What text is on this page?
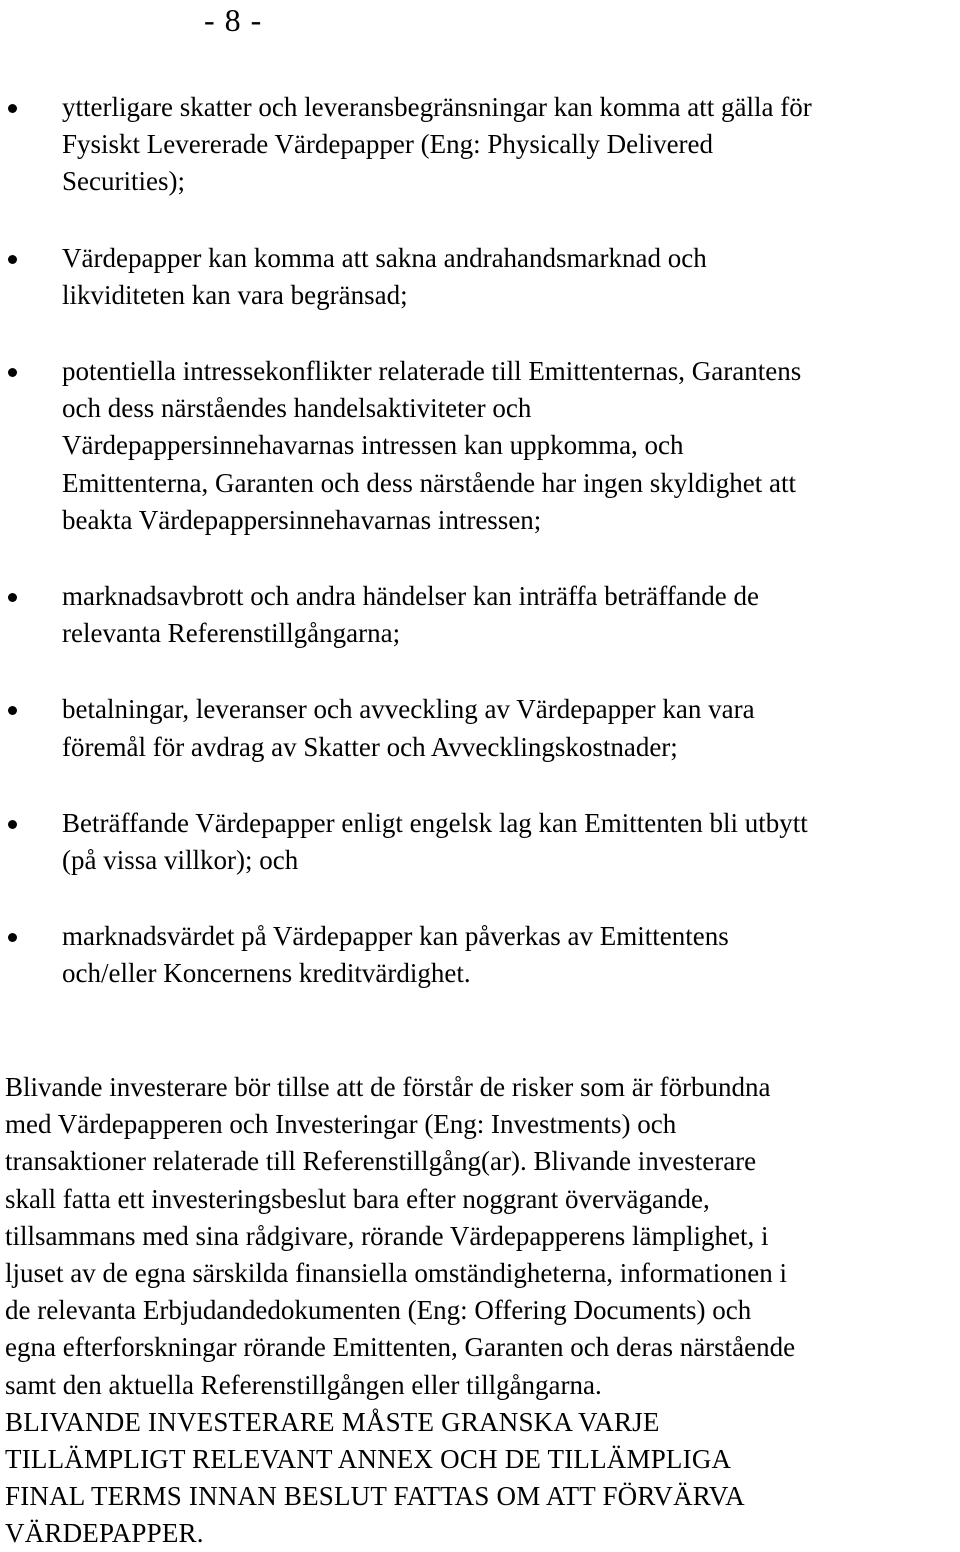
- 8 -
ytterligare skatter och leveransbegränsningar kan komma att gälla för
Fysiskt Levererade Värdepapper (Eng: Physically Delivered
Securities);
Värdepapper kan komma att sakna andrahandsmarknad och
likviditeten kan vara begränsad;
potentiella intressekonflikter relaterade till Emittenternas, Garantens
och dess närståendes handelsaktiviteter och
Värdepappersinnehavarnas intressen kan uppkomma, och
Emittenterna, Garanten och dess närstående har ingen skyldighet att
beakta Värdepappersinnehavarnas intressen;
marknadsavbrott och andra händelser kan inträffa beträffande de
relevanta Referenstillgångarna;
betalningar, leveranser och avveckling av Värdepapper kan vara
föremål för avdrag av Skatter och Avvecklingskostnader;
Beträffande Värdepapper enligt engelsk lag kan Emittenten bli utbytt
(på vissa villkor); och
marknadsvärdet på Värdepapper kan påverkas av Emittentens
och/eller Koncernens kreditvärdighet.

Blivande investerare bör tillse att de förstår de risker som är förbundna
med Värdepapperen och Investeringar (Eng: Investments) och
transaktioner relaterade till Referenstillgång(ar). Blivande investerare
skall fatta ett investeringsbeslut bara efter noggrant övervägande,
tillsammans med sina rådgivare, rörande Värdepapperens lämplighet, i
ljuset av de egna särskilda finansiella omständigheterna, informationen i
de relevanta Erbjudandedokumenten (Eng: Offering Documents) och
egna efterforskningar rörande Emittenten, Garanten och deras närstående
samt den aktuella Referenstillgången eller tillgångarna.

BLIVANDE INVESTERARE MÅSTE GRANSKA VARJE
TILLÄMPLIGT RELEVANT ANNEX OCH DE TILLÄMPLIGA
FINAL TERMS INNAN BESLUT FATTAS OM ATT FÖRVÄRVA
VÄRDEPAPPER.
